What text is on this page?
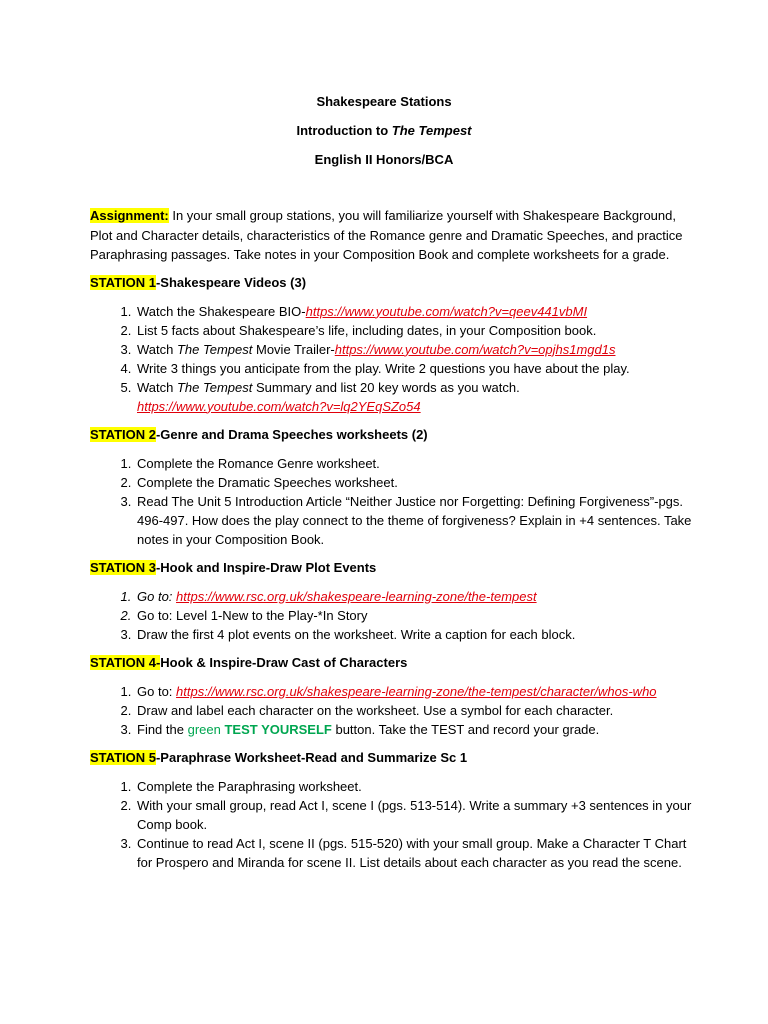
Shakespeare Stations
Introduction to The Tempest
English II Honors/BCA

Assignment: In your small group stations, you will familiarize yourself with Shakespeare Background, Plot and Character details, characteristics of the Romance genre and Dramatic Speeches, and practice Paraphrasing passages. Take notes in your Composition Book and complete worksheets for a grade.

STATION 1-Shakespeare Videos (3)
1. Watch the Shakespeare BIO-https://www.youtube.com/watch?v=qeev441vbMI
2. List 5 facts about Shakespeare’s life, including dates, in your Composition book.
3. Watch The Tempest Movie Trailer-https://www.youtube.com/watch?v=opjhs1mgd1s
4. Write 3 things you anticipate from the play. Write 2 questions you have about the play.
5. Watch The Tempest Summary and list 20 key words as you watch.
https://www.youtube.com/watch?v=lq2YEqSZo54
STATION 2-Genre and Drama Speeches worksheets (2)
1. Complete the Romance Genre worksheet.
2. Complete the Dramatic Speeches worksheet.
3. Read The Unit 5 Introduction Article “Neither Justice nor Forgetting: Defining Forgiveness”-pgs. 496-497. How does the play connect to the theme of forgiveness? Explain in +4 sentences. Take notes in your Composition Book.
STATION 3-Hook and Inspire-Draw Plot Events
1. Go to: https://www.rsc.org.uk/shakespeare-learning-zone/the-tempest
2. Go to: Level 1-New to the Play-*In Story
3. Draw the first 4 plot events on the worksheet. Write a caption for each block.
STATION 4-Hook & Inspire-Draw Cast of Characters
1. Go to: https://www.rsc.org.uk/shakespeare-learning-zone/the-tempest/character/whos-who
2. Draw and label each character on the worksheet. Use a symbol for each character.
3. Find the green TEST YOURSELF button. Take the TEST and record your grade.
STATION 5-Paraphrase Worksheet-Read and Summarize Sc 1
1. Complete the Paraphrasing worksheet.
2. With your small group, read Act I, scene I (pgs. 513-514). Write a summary +3 sentences in your Comp book.
3. Continue to read Act I, scene II (pgs. 515-520) with your small group. Make a Character T Chart for Prospero and Miranda for scene II. List details about each character as you read the scene.
